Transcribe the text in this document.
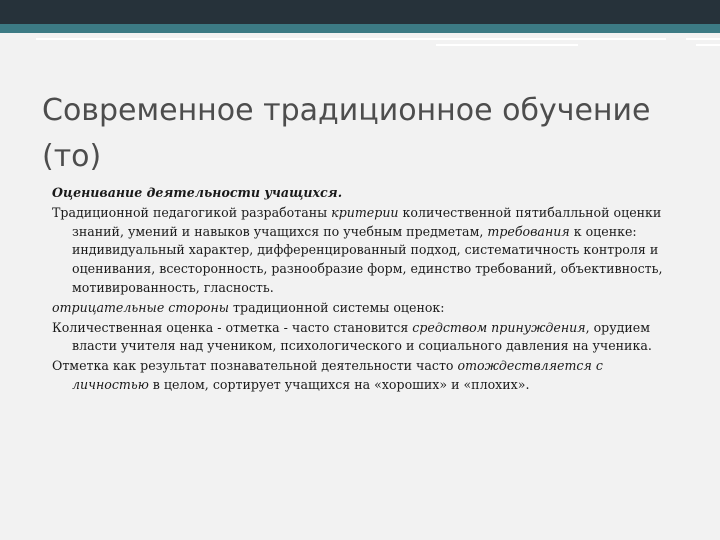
Современное традиционное обучение (то)

Оценивание деятельности учащихся.

Традиционной педагогикой разработаны критерии количественной пятибалльной оценки знаний, умений и навыков учащихся по учебным предметам, требования к оценке: индивидуальный характер, дифференцированный подход, систематичность контроля и оценивания, всесторонность, разнообразие форм, единство требований, объективность, мотивированность, гласность.

отрицательные стороны традиционной системы оценок:

Количественная оценка - отметка - часто становится средством принуждения, орудием власти учителя над учеником, психологического и социального давления на ученика.

Отметка как результат познавательной деятельности часто отождествляется с личностью в целом, сортирует учащихся на «хороших» и «плохих».
